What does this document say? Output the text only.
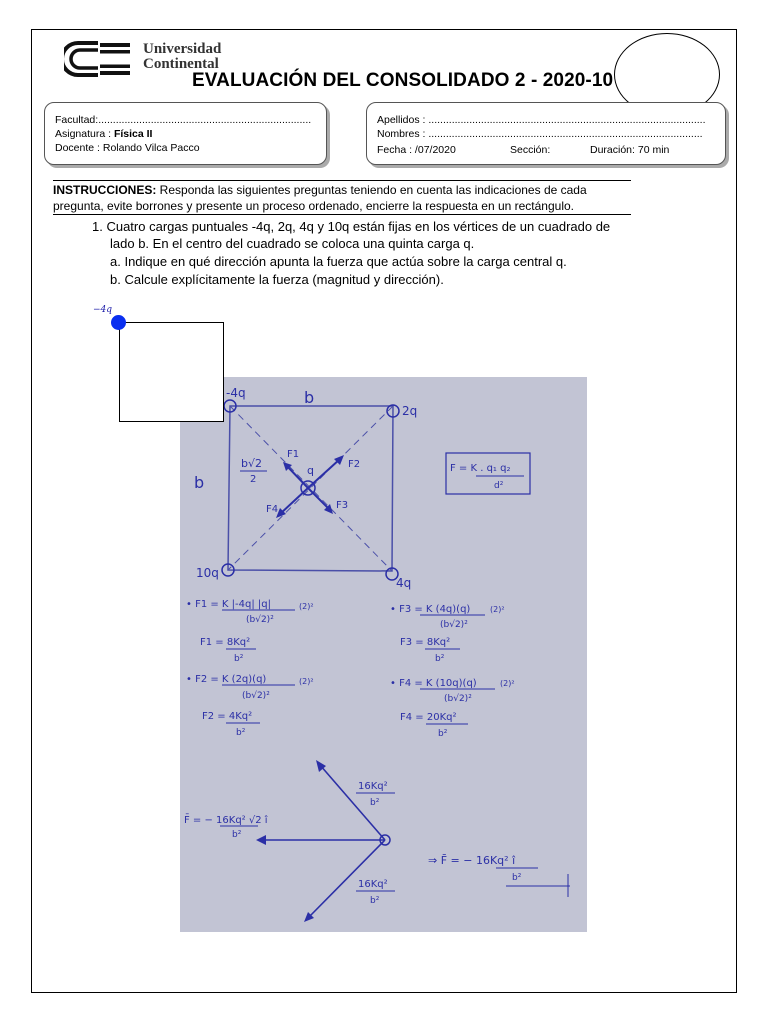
Universidad
Continental
EVALUACIÓN DEL CONSOLIDADO 2 - 2020-10
Facultad:.........................................................................
Asignatura : Física II
Docente : Rolando Vilca Pacco
Apellidos : ...............................................................................................
Nombres : ..............................................................................................
Fecha : /07/2020	Sección:	Duración: 70 min
INSTRUCCIONES: Responda las siguientes preguntas teniendo en cuenta las indicaciones de cada pregunta, evite borrones y presente un proceso ordenado, encierre la respuesta en un rectángulo.
1. Cuatro cargas puntuales -4q, 2q, 4q y 10q están fijas en los vértices de un cuadrado de
lado b. En el centro del cuadrado se coloca una quinta carga q.
a. Indique en qué dirección apunta la fuerza que actúa sobre la carga central q.
b. Calcule explícitamente la fuerza (magnitud y dirección).
-4q
2q
10q
4q
b
b
b√2
2
q
F1
F2
F3
F4
F = K . q₁ q₂
d²
• F1 = K |-4q| |q|
(b√2)²
(2)²
F1 = 8Kq²
b²
• F2 = K (2q)(q)
(b√2)²
(2)²
F2 = 4Kq²
b²
• F3 = K (4q)(q)
(b√2)²
(2)²
F3 = 8Kq²
b²
• F4 = K (10q)(q)
(b√2)²
(2)²
F4 = 20Kq²
b²
16Kq²
b²
16Kq²
b²
F̄ = − 16Kq² √2 î
b²
⇒ F̄ = − 16Kq² î
b²
−4q
